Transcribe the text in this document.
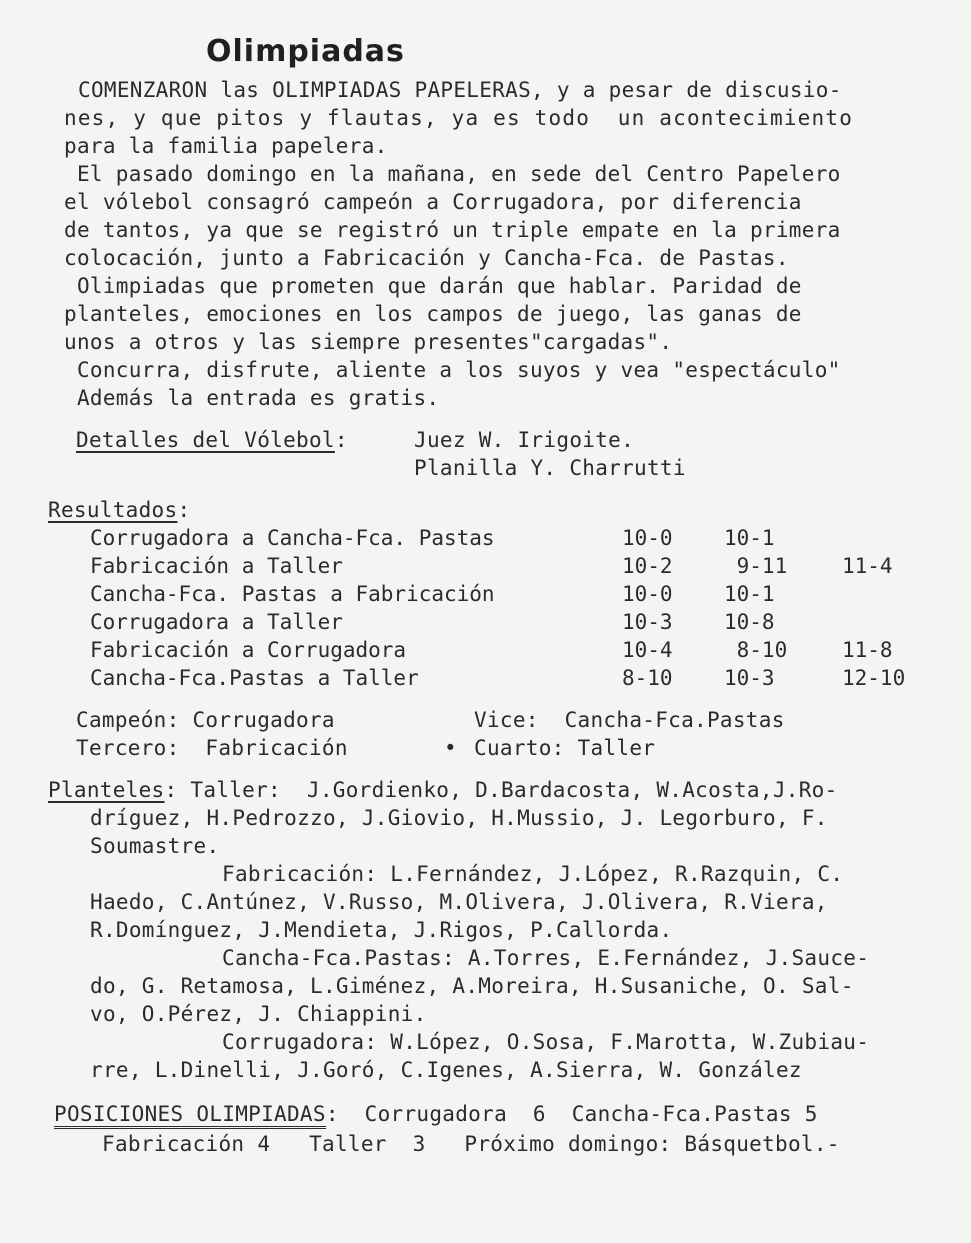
Olimpiadas
COMENZARON las OLIMPIADAS PAPELERAS, y a pesar de discusio-
nes, y que pitos y flautas, ya es todo  un acontecimiento
para la familia papelera.
El pasado domingo en la mañana, en sede del Centro Papelero
el vólebol consagró campeón a Corrugadora, por diferencia
de tantos, ya que se registró un triple empate en la primera
colocación, junto a Fabricación y Cancha-Fca. de Pastas.
Olimpiadas que prometen que darán que hablar. Paridad de
planteles, emociones en los campos de juego, las ganas de
unos a otros y las siempre presentes"cargadas".
Concurra, disfrute, aliente a los suyos y vea "espectáculo"
Además la entrada es gratis.
Detalles del Vólebol:	Juez W. Irigoite.
Planilla Y. Charrutti
Resultados:
Corrugadora a Cancha-Fca. Pastas	10-0 10-1
Fabricación a Taller	10-2 9-11	11-4
Cancha-Fca. Pastas a Fabricación	10-0 10-1
Corrugadora a Taller	10-3 10-8
Fabricación a Corrugadora	10-4 8-10	11-8
Cancha-Fca.Pastas a Taller	8-10 10-3	12-10
Campeón: Corrugadora	Vice:  Cancha-Fca.Pastas
Tercero:  Fabricación	• Cuarto: Taller
Planteles: Taller:  J.Gordienko, D.Bardacosta, W.Acosta,J.Ro-
dríguez, H.Pedrozzo, J.Giovio, H.Mussio, J. Legorburo, F.
Soumastre.
Fabricación: L.Fernández, J.López, R.Razquin, C.
Haedo, C.Antúnez, V.Russo, M.Olivera, J.Olivera, R.Viera,
R.Domínguez, J.Mendieta, J.Rigos, P.Callorda.
Cancha-Fca.Pastas: A.Torres, E.Fernández, J.Sauce-
do, G. Retamosa, L.Giménez, A.Moreira, H.Susaniche, O. Sal-
vo, O.Pérez, J. Chiappini.
Corrugadora: W.López, O.Sosa, F.Marotta, W.Zubiau-
rre, L.Dinelli, J.Goró, C.Igenes, A.Sierra, W. González
POSICIONES OLIMPIADAS:  Corrugadora  6  Cancha-Fca.Pastas 5
Fabricación 4   Taller  3   Próximo domingo: Básquetbol.-
